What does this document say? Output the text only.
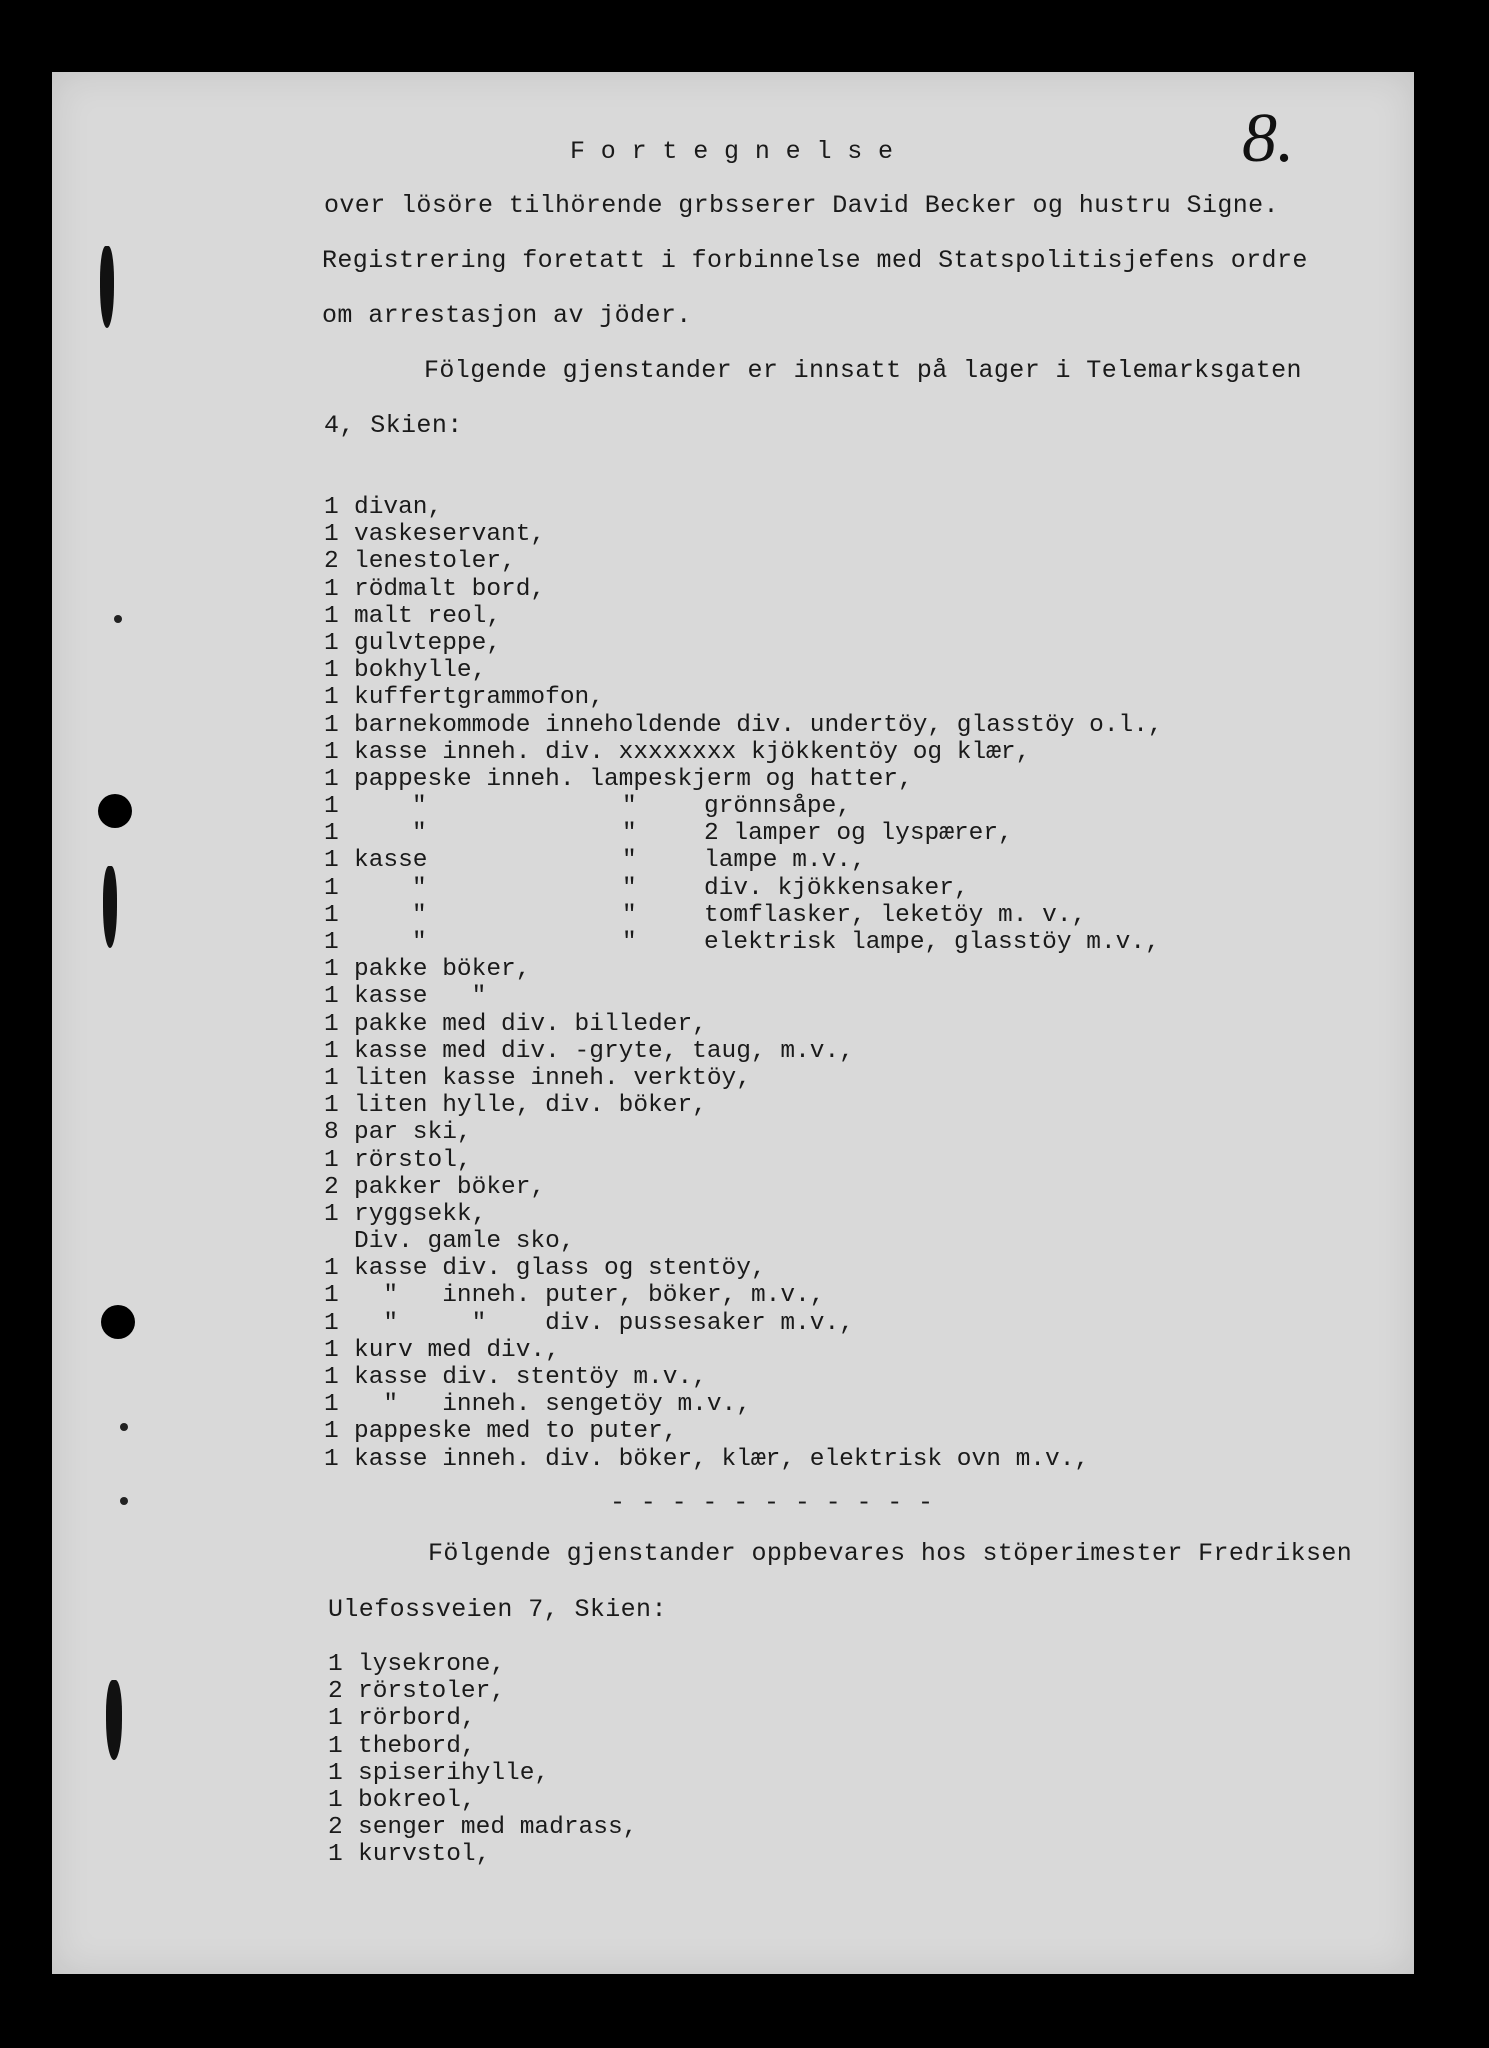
8.
F o r t e g n e l s e
over lösöre tilhörende grbsserer David Becker og hustru Signe.
Registrering foretatt i forbinnelse med Statspolitisjefens ordre
om arrestasjon av jöder.
Fölgende gjenstander er innsatt på lager i Telemarksgaten
4, Skien:
1 divan,
1 vaskeservant,
2 lenestoler,
1 rödmalt bord,
1 malt reol,
1 gulvteppe,
1 bokhylle,
1 kuffertgrammofon,
1 barnekommode inneholdende div. undertöy, glasstöy o.l.,
1 kasse inneh. div. xxxxxxxx kjökkentöy og klær,
1 pappeske inneh. lampeskjerm og hatter,
1	"	"	grönnsåpe,
1	"	"	2 lamper og lyspærer,
1 kasse	"	lampe m.v.,
1	"	"	div. kjökkensaker,
1	"	"	tomflasker, leketöy m. v.,
1	"	"	elektrisk lampe, glasstöy m.v.,
1 pakke böker,
1 kasse   "
1 pakke med div. billeder,
1 kasse med div. -gryte, taug, m.v.,
1 liten kasse inneh. verktöy,
1 liten hylle, div. böker,
8 par ski,
1 rörstol,
2 pakker böker,
1 ryggsekk,
Div. gamle sko,
1 kasse div. glass og stentöy,
1 "   inneh. puter, böker, m.v.,
1 "     "    div. pussesaker m.v.,
1 kurv med div.,
1 kasse div. stentöy m.v.,
1 "   inneh. sengetöy m.v.,
1 pappeske med to puter,
1 kasse inneh. div. böker, klær, elektrisk ovn m.v.,
- - - - - - - - - - -
Fölgende gjenstander oppbevares hos stöperimester Fredriksen
Ulefossveien 7, Skien:
1 lysekrone,
2 rörstoler,
1 rörbord,
1 thebord,
1 spiserihylle,
1 bokreol,
2 senger med madrass,
1 kurvstol,
